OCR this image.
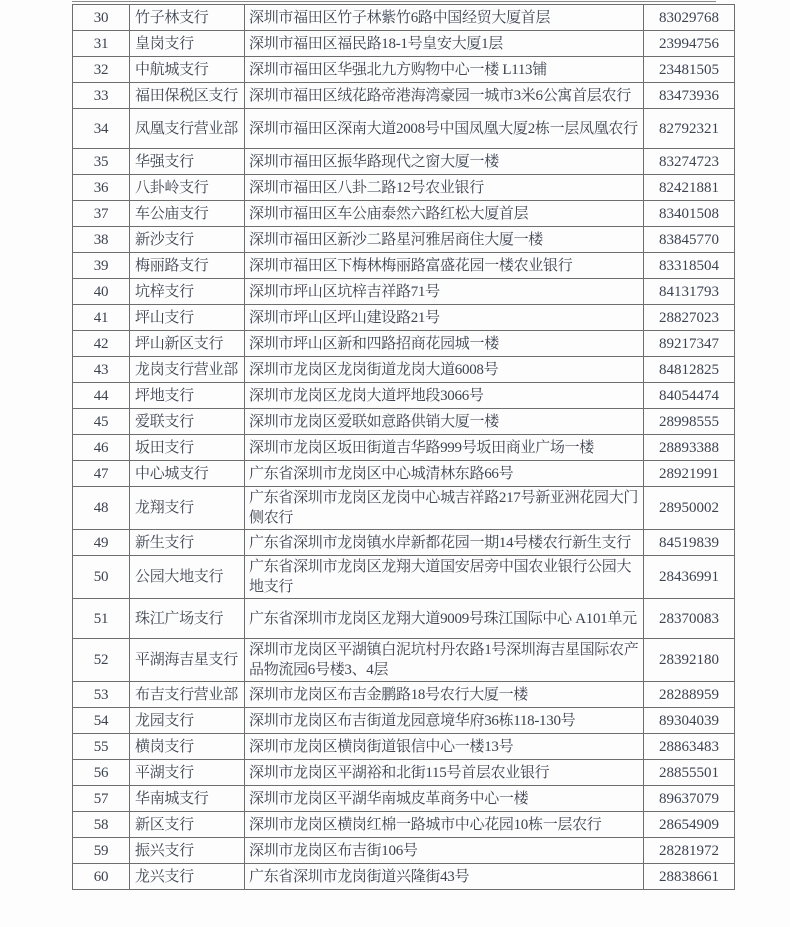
30	竹子林支行	深圳市福田区竹子林紫竹6路中国经贸大厦首层	83029768
31	皇岗支行	深圳市福田区福民路18-1号皇安大厦1层	23994756
32	中航城支行	深圳市福田区华强北九方购物中心一楼 L113铺	23481505
33	福田保税区支行	深圳市福田区绒花路帝港海湾豪园一城市3米6公寓首层农行	83473936
34	凤凰支行营业部	深圳市福田区深南大道2008号中国凤凰大厦2栋一层凤凰农行	82792321
35	华强支行	深圳市福田区振华路现代之窗大厦一楼	83274723
36	八卦岭支行	深圳市福田区八卦二路12号农业银行	82421881
37	车公庙支行	深圳市福田区车公庙泰然六路红松大厦首层	83401508
38	新沙支行	深圳市福田区新沙二路星河雅居商住大厦一楼	83845770
39	梅丽路支行	深圳市福田区下梅林梅丽路富盛花园一楼农业银行	83318504
40	坑梓支行	深圳市坪山区坑梓吉祥路71号	84131793
41	坪山支行	深圳市坪山区坪山建设路21号	28827023
42	坪山新区支行	深圳市坪山区新和四路招商花园城一楼	89217347
43	龙岗支行营业部	深圳市龙岗区龙岗街道龙岗大道6008号	84812825
44	坪地支行	深圳市龙岗区龙岗大道坪地段3066号	84054474
45	爱联支行	深圳市龙岗区爱联如意路供销大厦一楼	28998555
46	坂田支行	深圳市龙岗区坂田街道吉华路999号坂田商业广场一楼	28893388
47	中心城支行	广东省深圳市龙岗区中心城清林东路66号	28921991
48	龙翔支行	广东省深圳市龙岗区龙岗中心城吉祥路217号新亚洲花园大门侧农行	28950002
49	新生支行	广东省深圳市龙岗镇水岸新都花园一期14号楼农行新生支行	84519839
50	公园大地支行	广东省深圳市龙岗区龙翔大道国安居旁中国农业银行公园大地支行	28436991
51	珠江广场支行	广东省深圳市龙岗区龙翔大道9009号珠江国际中心 A101单元	28370083
52	平湖海吉星支行	深圳市龙岗区平湖镇白泥坑村丹农路1号深圳海吉星国际农产品物流园6号楼3、4层	28392180
53	布吉支行营业部	深圳市龙岗区布吉金鹏路18号农行大厦一楼	28288959
54	龙园支行	深圳市龙岗区布吉街道龙园意境华府36栋118-130号	89304039
55	横岗支行	深圳市龙岗区横岗街道银信中心一楼13号	28863483
56	平湖支行	深圳市龙岗区平湖裕和北街115号首层农业银行	28855501
57	华南城支行	深圳市龙岗区平湖华南城皮革商务中心一楼	89637079
58	新区支行	深圳市龙岗区横岗红棉一路城市中心花园10栋一层农行	28654909
59	振兴支行	深圳市龙岗区布吉街106号	28281972
60	龙兴支行	广东省深圳市龙岗街道兴隆街43号	28838661
